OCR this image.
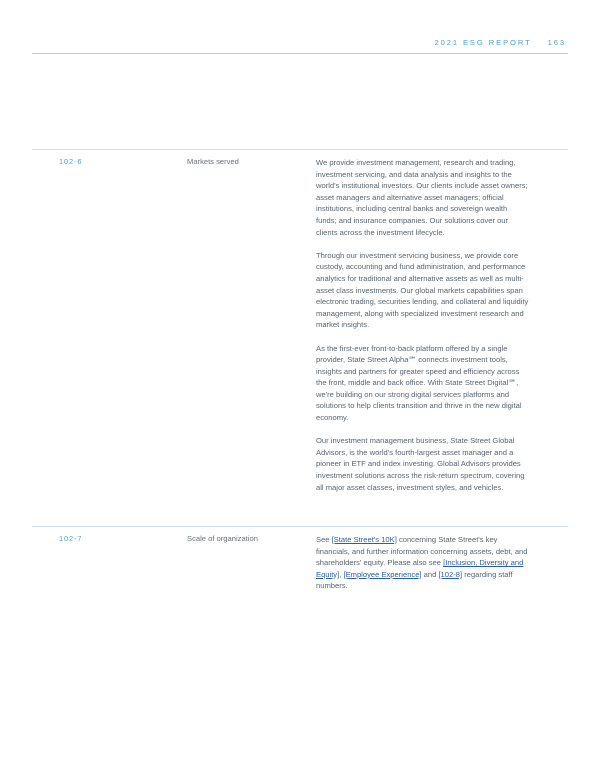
2021 ESG REPORT 163
102-6	Markets served	We provide investment management, research and trading, investment servicing, and data analysis and insights to the world's institutional investors. Our clients include asset owners; asset managers and alternative asset managers; official institutions, including central banks and sovereign wealth funds; and insurance companies. Our solutions cover our clients across the investment lifecycle.

Through our investment servicing business, we provide core custody, accounting and fund administration, and performance analytics for traditional and alternative assets as well as multi-asset class investments. Our global markets capabilities span electronic trading, securities lending, and collateral and liquidity management, along with specialized investment research and market insights.

As the first-ever front-to-back platform offered by a single provider, State Street Alpha℠ connects investment tools, insights and partners for greater speed and efficiency across the front, middle and back office. With State Street Digital℠, we're building on our strong digital services platforms and solutions to help clients transition and thrive in the new digital economy.

Our investment management business, State Street Global Advisors, is the world's fourth-largest asset manager and a pioneer in ETF and index investing. Global Advisors provides investment solutions across the risk-return spectrum, covering all major asset classes, investment styles, and vehicles.

102-7	Scale of organization	See [State Street's 10K] concerning State Street's key financials, and further information concerning assets, debt, and shareholders' equity. Please also see [Inclusion, Diversity and Equity], [Employee Experience] and [102-8] regarding staff numbers.
